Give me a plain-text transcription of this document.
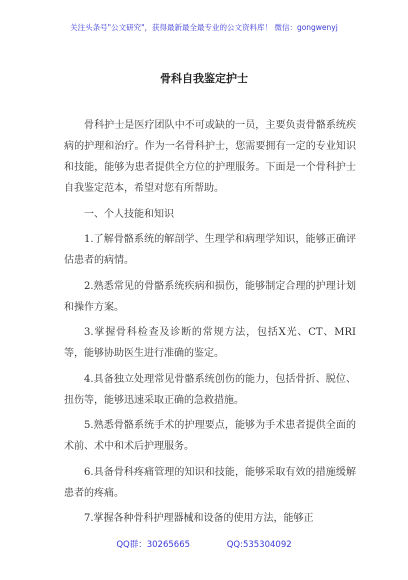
关注头条号"公文研究"，获得最新最全最专业的公文资料库！ 微信：gongwenyj
骨科自我鉴定护士

骨科护士是医疗团队中不可或缺的一员，主要负责骨骼系统疾病的护理和治疗。作为一名骨科护士，您需要拥有一定的专业知识和技能，能够为患者提供全方位的护理服务。下面是一个骨科护士自我鉴定范本，希望对您有所帮助。

一、个人技能和知识

1.了解骨骼系统的解剖学、生理学和病理学知识，能够正确评估患者的病情。

2.熟悉常见的骨骼系统疾病和损伤，能够制定合理的护理计划和操作方案。

3.掌握骨科检查及诊断的常规方法，包括X光、CT、MRI等，能够协助医生进行准确的鉴定。

4.具备独立处理常见骨骼系统创伤的能力，包括骨折、脱位、扭伤等，能够迅速采取正确的急救措施。

5.熟悉骨骼系统手术的护理要点，能够为手术患者提供全面的术前、术中和术后护理服务。

6.具备骨科疼痛管理的知识和技能，能够采取有效的措施缓解患者的疼痛。

7.掌握各种骨科护理器械和设备的使用方法，能够正

QQ群：30265665	QQ:535304092
